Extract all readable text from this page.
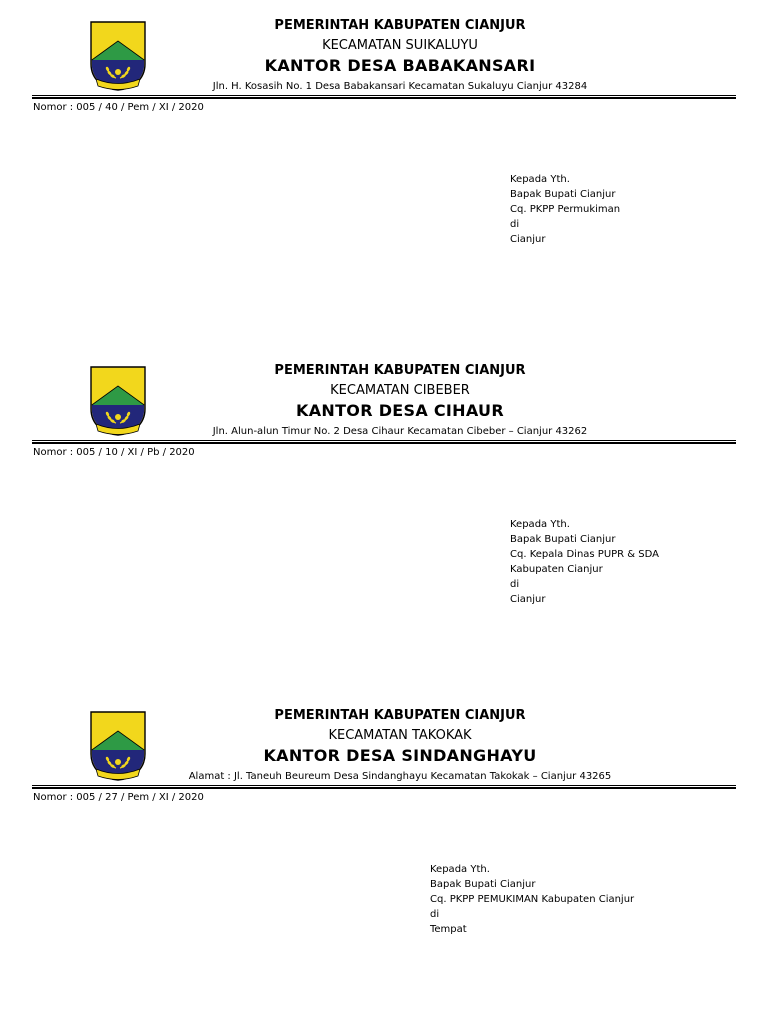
PEMERINTAH KABUPATEN CIANJUR
KECAMATAN SUIKALUYU
KANTOR DESA BABAKANSARI
Jln. H. Kosasih No. 1 Desa Babakansari Kecamatan Sukaluyu Cianjur 43284
Nomor : 005 / 40 / Pem / XI / 2020
Kepada Yth.
Bapak Bupati Cianjur
Cq. PKPP Permukiman
di
Cianjur
PEMERINTAH KABUPATEN CIANJUR
KECAMATAN CIBEBER
KANTOR DESA CIHAUR
Jln. Alun-alun Timur No. 2 Desa Cihaur Kecamatan Cibeber – Cianjur 43262
Nomor : 005 / 10 / XI / Pb / 2020
Kepada Yth.
Bapak Bupati Cianjur
Cq. Kepala Dinas PUPR & SDA
Kabupaten Cianjur
di
Cianjur
PEMERINTAH KABUPATEN CIANJUR
KECAMATAN TAKOKAK
KANTOR DESA SINDANGHAYU
Alamat : Jl. Taneuh Beureum Desa Sindanghayu Kecamatan Takokak – Cianjur 43265
Nomor : 005 / 27 / Pem / XI / 2020
Kepada Yth.
Bapak Bupati Cianjur
Cq. PKPP PEMUKIMAN Kabupaten Cianjur
di
Tempat
